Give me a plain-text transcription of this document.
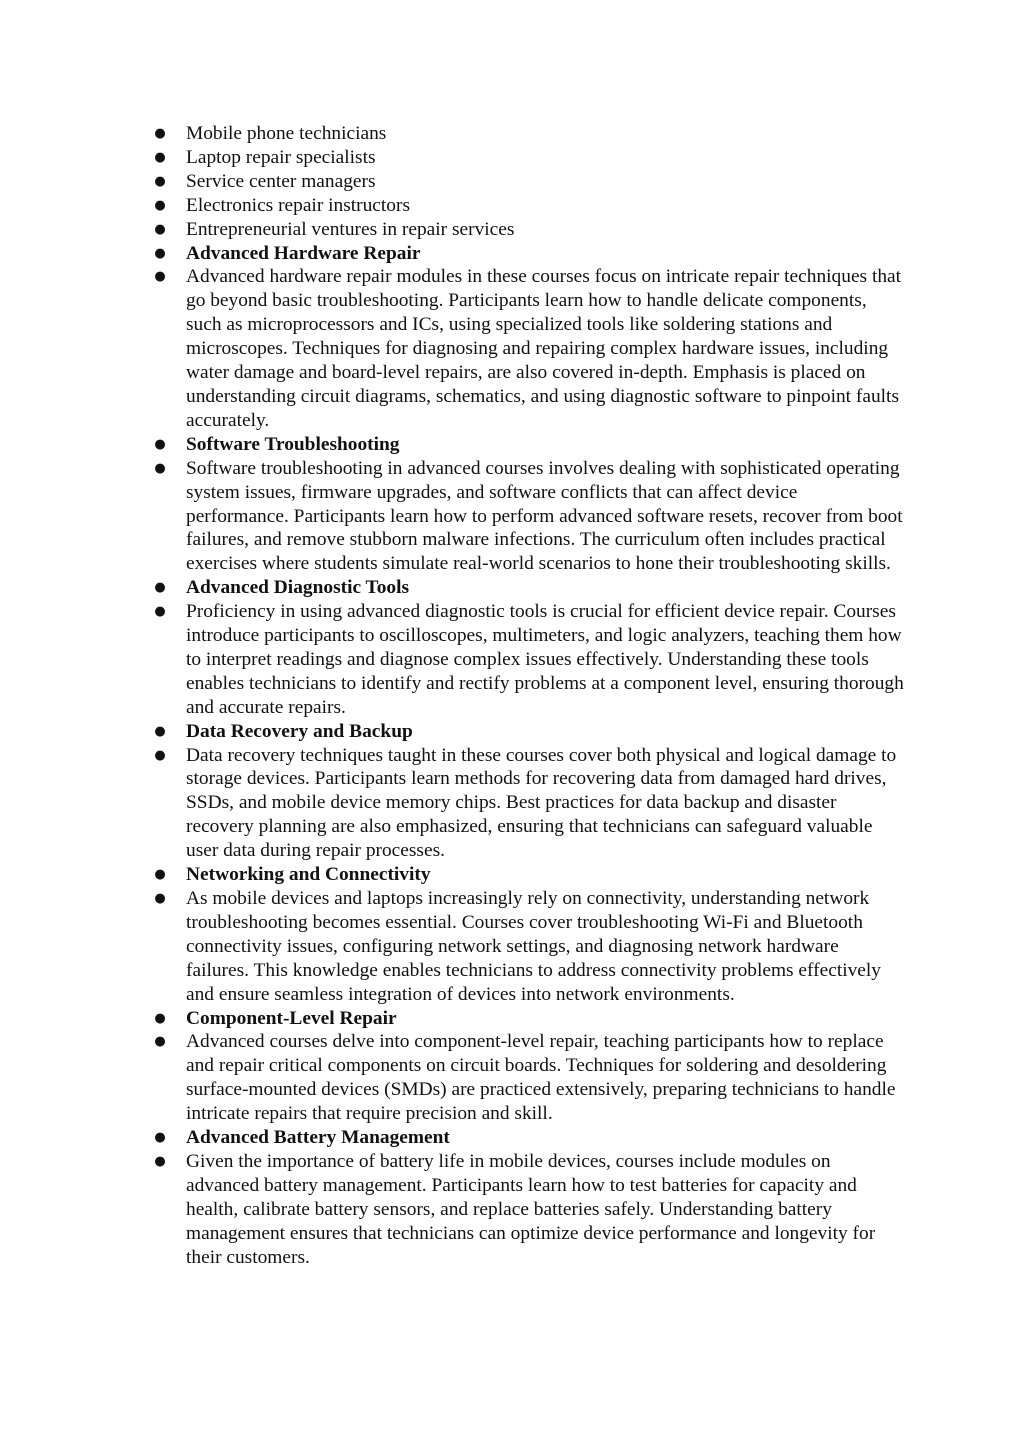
● Mobile phone technicians
● Laptop repair specialists
● Service center managers
● Electronics repair instructors
● Entrepreneurial ventures in repair services
● Advanced Hardware Repair
● Advanced hardware repair modules in these courses focus on intricate repair techniques that go beyond basic troubleshooting. Participants learn how to handle delicate components, such as microprocessors and ICs, using specialized tools like soldering stations and microscopes. Techniques for diagnosing and repairing complex hardware issues, including water damage and board-level repairs, are also covered in-depth. Emphasis is placed on understanding circuit diagrams, schematics, and using diagnostic software to pinpoint faults accurately.
● Software Troubleshooting
● Software troubleshooting in advanced courses involves dealing with sophisticated operating system issues, firmware upgrades, and software conflicts that can affect device performance. Participants learn how to perform advanced software resets, recover from boot failures, and remove stubborn malware infections. The curriculum often includes practical exercises where students simulate real-world scenarios to hone their troubleshooting skills.
● Advanced Diagnostic Tools
● Proficiency in using advanced diagnostic tools is crucial for efficient device repair. Courses introduce participants to oscilloscopes, multimeters, and logic analyzers, teaching them how to interpret readings and diagnose complex issues effectively. Understanding these tools enables technicians to identify and rectify problems at a component level, ensuring thorough and accurate repairs.
● Data Recovery and Backup
● Data recovery techniques taught in these courses cover both physical and logical damage to storage devices. Participants learn methods for recovering data from damaged hard drives, SSDs, and mobile device memory chips. Best practices for data backup and disaster recovery planning are also emphasized, ensuring that technicians can safeguard valuable user data during repair processes.
● Networking and Connectivity
● As mobile devices and laptops increasingly rely on connectivity, understanding network troubleshooting becomes essential. Courses cover troubleshooting Wi-Fi and Bluetooth connectivity issues, configuring network settings, and diagnosing network hardware failures. This knowledge enables technicians to address connectivity problems effectively and ensure seamless integration of devices into network environments.
● Component-Level Repair
● Advanced courses delve into component-level repair, teaching participants how to replace and repair critical components on circuit boards. Techniques for soldering and desoldering surface-mounted devices (SMDs) are practiced extensively, preparing technicians to handle intricate repairs that require precision and skill.
● Advanced Battery Management
● Given the importance of battery life in mobile devices, courses include modules on advanced battery management. Participants learn how to test batteries for capacity and health, calibrate battery sensors, and replace batteries safely. Understanding battery management ensures that technicians can optimize device performance and longevity for their customers.
